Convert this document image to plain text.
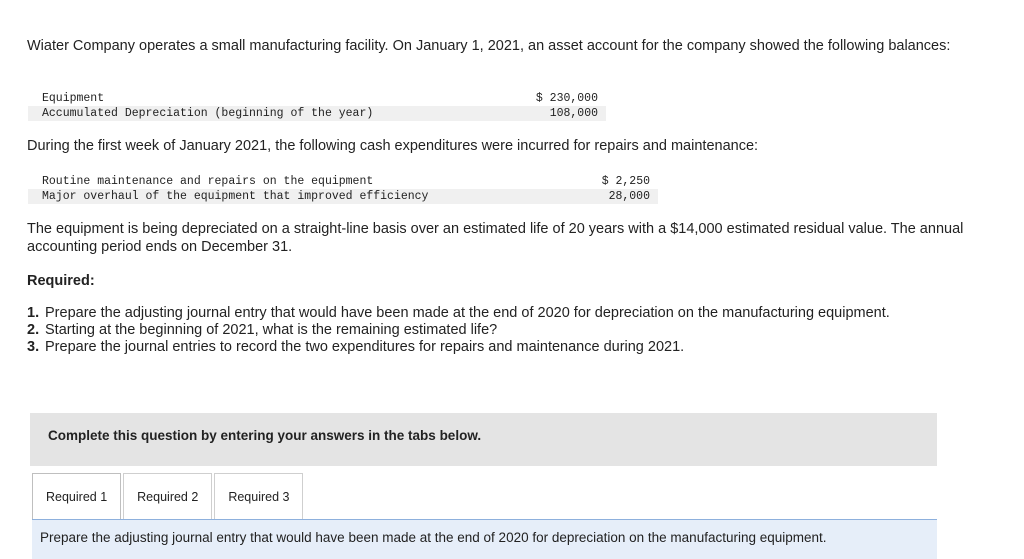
Wiater Company operates a small manufacturing facility. On January 1, 2021, an asset account for the company showed the following balances:
Equipment	$ 230,000
Accumulated Depreciation (beginning of the year)	108,000
During the first week of January 2021, the following cash expenditures were incurred for repairs and maintenance:
Routine maintenance and repairs on the equipment	$ 2,250
Major overhaul of the equipment that improved efficiency	28,000
The equipment is being depreciated on a straight-line basis over an estimated life of 20 years with a $14,000 estimated residual value. The annual accounting period ends on December 31.
Required:
1. Prepare the adjusting journal entry that would have been made at the end of 2020 for depreciation on the manufacturing equipment.
2. Starting at the beginning of 2021, what is the remaining estimated life?
3. Prepare the journal entries to record the two expenditures for repairs and maintenance during 2021.
Complete this question by entering your answers in the tabs below.
Required 1	Required 2	Required 3
Prepare the adjusting journal entry that would have been made at the end of 2020 for depreciation on the manufacturing equipment.
